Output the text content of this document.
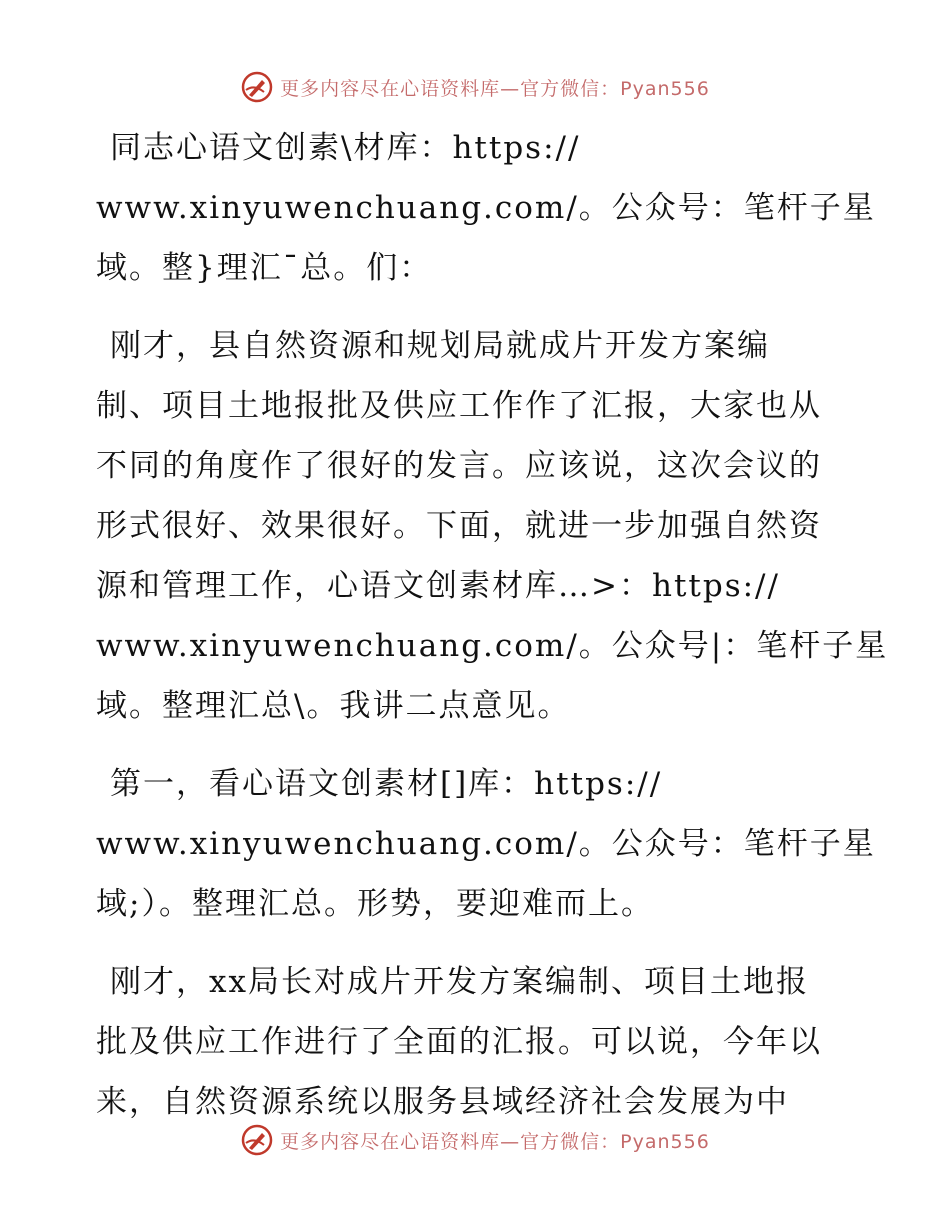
更多内容尽在心语资料库—官方微信：Pyan556

同志心语文创素\材库：https://
www.xinyuwenchuang.com/。公众号：笔杆子星
域。整}理汇¯总。们：

刚才，县自然资源和规划局就成片开发方案编
制、项目土地报批及供应工作作了汇报，大家也从
不同的角度作了很好的发言。应该说，这次会议的
形式很好、效果很好。下面，就进一步加强自然资
源和管理工作，心语文创素材库…>：https://
www.xinyuwenchuang.com/。公众号|：笔杆子星
域。整理汇总\。我讲二点意见。

第一，看心语文创素材[]库：https://
www.xinyuwenchuang.com/。公众号：笔杆子星
域;）。整理汇总。形势，要迎难而上。

刚才，xx局长对成片开发方案编制、项目土地报
批及供应工作进行了全面的汇报。可以说，今年以
来，自然资源系统以服务县域经济社会发展为中

更多内容尽在心语资料库—官方微信：Pyan556
